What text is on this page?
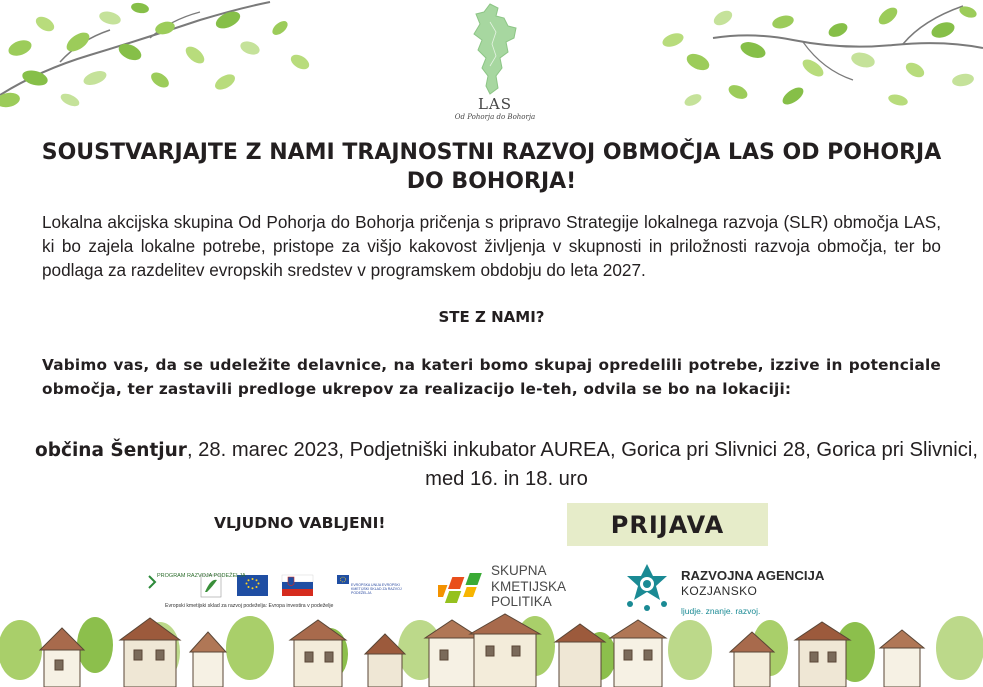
LAS
Od Pohorja do Bohorja
SOUSTVARJAJTE Z NAMI TRAJNOSTNI RAZVOJ OBMOČJA LAS OD POHORJA DO BOHORJA!

Lokalna akcijska skupina Od Pohorja do Bohorja pričenja s pripravo Strategije lokalnega razvoja (SLR) območja LAS, ki bo zajela lokalne potrebe, pristope za višjo kakovost življenja v skupnosti in priložnosti razvoja območja, ter bo podlaga za razdelitev evropskih sredstev v programskem obdobju do leta 2027.

STE Z NAMI?

Vabimo vas, da se udeležite delavnice, na kateri bomo skupaj opredelili potrebe, izzive in potenciale območja, ter zastavili predloge ukrepov za realizacijo le-teh, odvila se bo na lokaciji:

občina Šentjur, 28. marec 2023, Podjetniški inkubator AUREA, Gorica pri Slivnici 28, Gorica pri Slivnici, med 16. in 18. uro

VLJUDNO VABLJENI!	PRIJAVA
PROGRAM RAZVOJA PODEŽELJA
EVROPSKA UNIJA EVROPSKI KMETIJSKI SKLAD ZA RAZVOJ PODEŽELJA
Evropski kmetijski sklad za razvoj podeželja: Evropa investira v podeželje
SKUPNA
KMETIJSKA
POLITIKA
RAZVOJNA AGENCIJA
KOZJANSKO
ljudje. znanje. razvoj.
